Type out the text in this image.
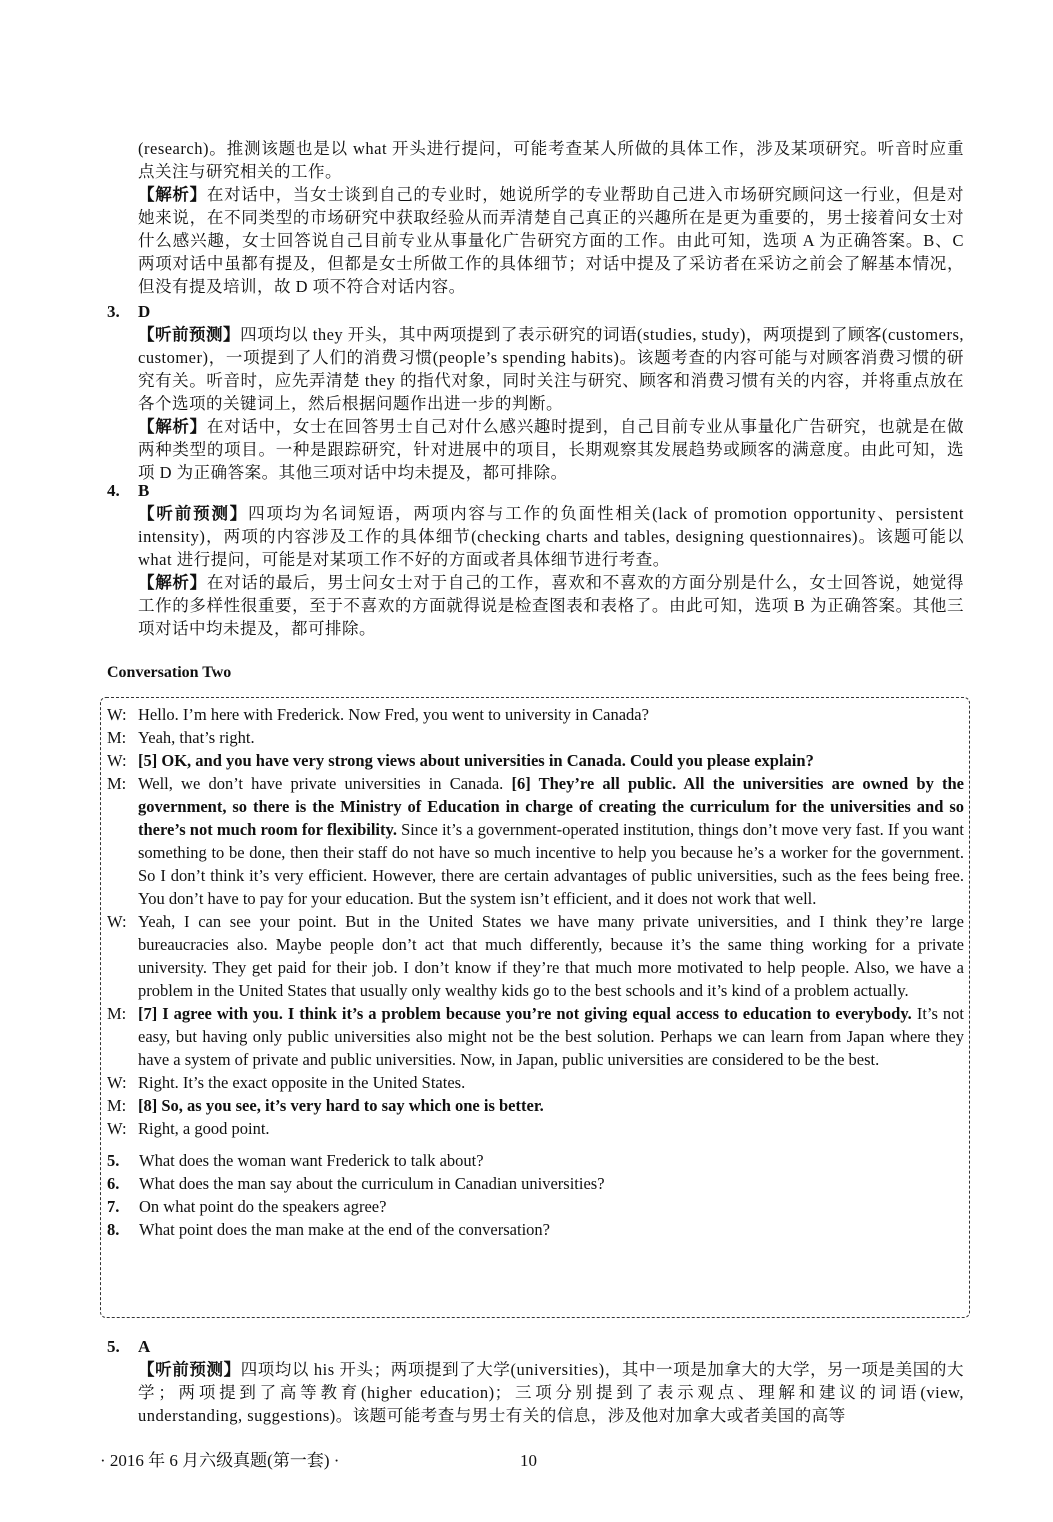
(research)。推测该题也是以 what 开头进行提问，可能考查某人所做的具体工作，涉及某项研究。听音时应重点关注与研究相关的工作。

【解析】在对话中，当女士谈到自己的专业时，她说所学的专业帮助自己进入市场研究顾问这一行业，但是对她来说，在不同类型的市场研究中获取经验从而弄清楚自己真正的兴趣所在是更为重要的，男士接着问女士对什么感兴趣，女士回答说自己目前专业从事量化广告研究方面的工作。由此可知，选项 A 为正确答案。B、C 两项对话中虽都有提及，但都是女士所做工作的具体细节；对话中提及了采访者在采访之前会了解基本情况，但没有提及培训，故 D 项不符合对话内容。

3. D

【听前预测】四项均以 they 开头，其中两项提到了表示研究的词语(studies, study)，两项提到了顾客(customers, customer)，一项提到了人们的消费习惯(people’s spending habits)。该题考查的内容可能与对顾客消费习惯的研究有关。听音时，应先弄清楚 they 的指代对象，同时关注与研究、顾客和消费习惯有关的内容，并将重点放在各个选项的关键词上，然后根据问题作出进一步的判断。

【解析】在对话中，女士在回答男士自己对什么感兴趣时提到，自己目前专业从事量化广告研究，也就是在做两种类型的项目。一种是跟踪研究，针对进展中的项目，长期观察其发展趋势或顾客的满意度。由此可知，选项 D 为正确答案。其他三项对话中均未提及，都可排除。

4. B

【听前预测】四项均为名词短语，两项内容与工作的负面性相关(lack of promotion opportunity、persistent intensity)，两项的内容涉及工作的具体细节(checking charts and tables, designing questionnaires)。该题可能以 what 进行提问，可能是对某项工作不好的方面或者具体细节进行考查。

【解析】在对话的最后，男士问女士对于自己的工作，喜欢和不喜欢的方面分别是什么，女士回答说，她觉得工作的多样性很重要，至于不喜欢的方面就得说是检查图表和表格了。由此可知，选项 B 为正确答案。其他三项对话中均未提及，都可排除。

Conversation Two
W: Hello. I’m here with Frederick. Now Fred, you went to university in Canada?
M: Yeah, that’s right.
W: [5] OK, and you have very strong views about universities in Canada. Could you please explain?
M: Well, we don’t have private universities in Canada. [6] They’re all public. All the universities are owned by the government, so there is the Ministry of Education in charge of creating the curriculum for the universities and so there’s not much room for flexibility. Since it’s a government-operated institution, things don’t move very fast. If you want something to be done, then their staff do not have so much incentive to help you because he’s a worker for the government. So I don’t think it’s very efficient. However, there are certain advantages of public universities, such as the fees being free. You don’t have to pay for your education. But the system isn’t efficient, and it does not work that well.
W: Yeah, I can see your point. But in the United States we have many private universities, and I think they’re large bureaucracies also. Maybe people don’t act that much differently, because it’s the same thing working for a private university. They get paid for their job. I don’t know if they’re that much more motivated to help people. Also, we have a problem in the United States that usually only wealthy kids go to the best schools and it’s kind of a problem actually.
M: [7] I agree with you. I think it’s a problem because you’re not giving equal access to education to everybody. It’s not easy, but having only public universities also might not be the best solution. Perhaps we can learn from Japan where they have a system of private and public universities. Now, in Japan, public universities are considered to be the best.
W: Right. It’s the exact opposite in the United States.
M: [8] So, as you see, it’s very hard to say which one is better.
W: Right, a good point.
5. What does the woman want Frederick to talk about?
6. What does the man say about the curriculum in Canadian universities?
7. On what point do the speakers agree?
8. What point does the man make at the end of the conversation?
5. A

【听前预测】四项均以 his 开头；两项提到了大学(universities)，其中一项是加拿大的大学，另一项是美国的大学；两项提到了高等教育(higher education)；三项分别提到了表示观点、理解和建议的词语(view, understanding, suggestions)。该题可能考查与男士有关的信息，涉及他对加拿大或者美国的高等

· 2016 年 6 月六级真题(第一套) ·	10
